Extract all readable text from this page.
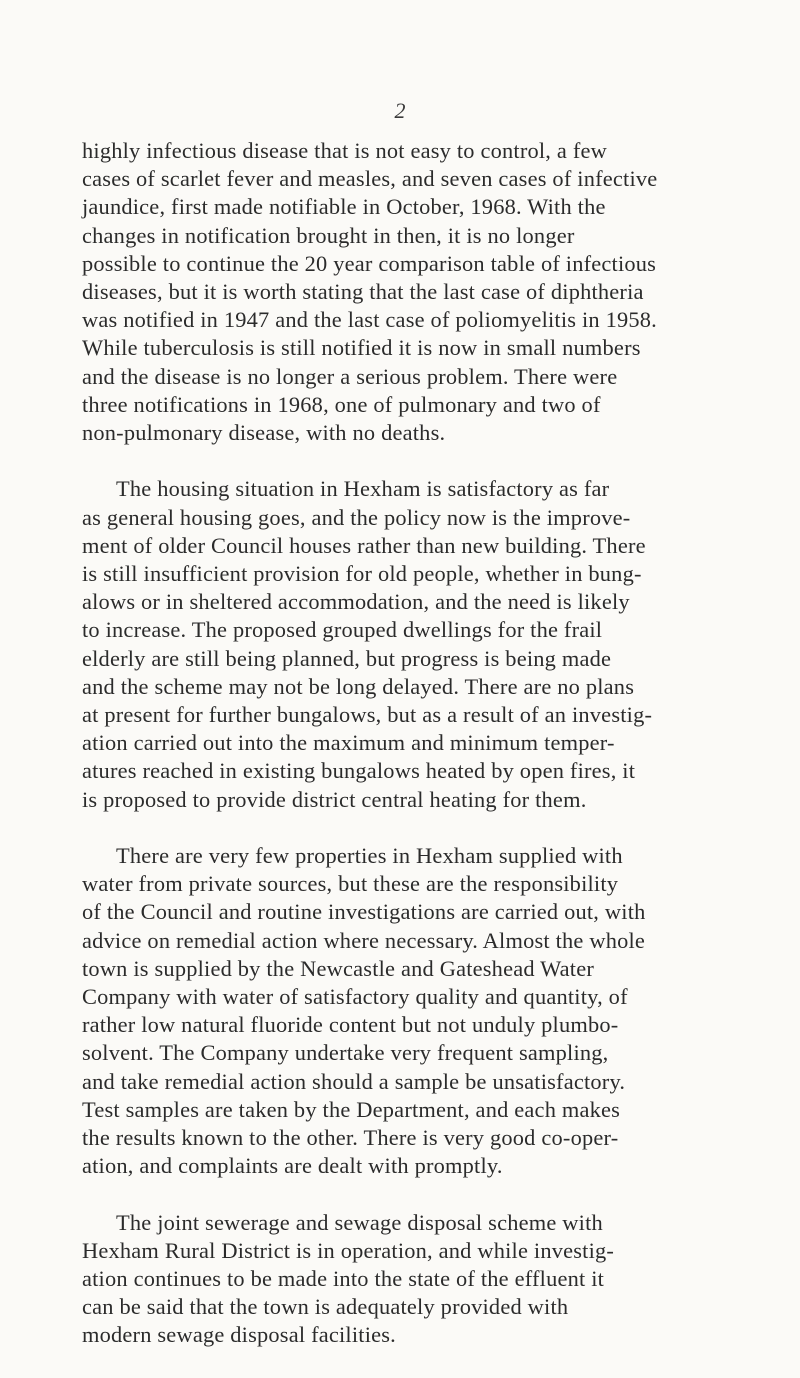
2

highly infectious disease that is not easy to control, a few
cases of scarlet fever and measles, and seven cases of infective
jaundice, first made notifiable in October, 1968. With the
changes in notification brought in then, it is no longer
possible to continue the 20 year comparison table of infectious
diseases, but it is worth stating that the last case of diphtheria
was notified in 1947 and the last case of poliomyelitis in 1958.
While tuberculosis is still notified it is now in small numbers
and the disease is no longer a serious problem. There were
three notifications in 1968, one of pulmonary and two of
non-pulmonary disease, with no deaths.

The housing situation in Hexham is satisfactory as far
as general housing goes, and the policy now is the improve-
ment of older Council houses rather than new building. There
is still insufficient provision for old people, whether in bung-
alows or in sheltered accommodation, and the need is likely
to increase. The proposed grouped dwellings for the frail
elderly are still being planned, but progress is being made
and the scheme may not be long delayed. There are no plans
at present for further bungalows, but as a result of an investig-
ation carried out into the maximum and minimum temper-
atures reached in existing bungalows heated by open fires, it
is proposed to provide district central heating for them.

There are very few properties in Hexham supplied with
water from private sources, but these are the responsibility
of the Council and routine investigations are carried out, with
advice on remedial action where necessary. Almost the whole
town is supplied by the Newcastle and Gateshead Water
Company with water of satisfactory quality and quantity, of
rather low natural fluoride content but not unduly plumbo-
solvent. The Company undertake very frequent sampling,
and take remedial action should a sample be unsatisfactory.
Test samples are taken by the Department, and each makes
the results known to the other. There is very good co-oper-
ation, and complaints are dealt with promptly.

The joint sewerage and sewage disposal scheme with
Hexham Rural District is in operation, and while investig-
ation continues to be made into the state of the effluent it
can be said that the town is adequately provided with
modern sewage disposal facilities.
